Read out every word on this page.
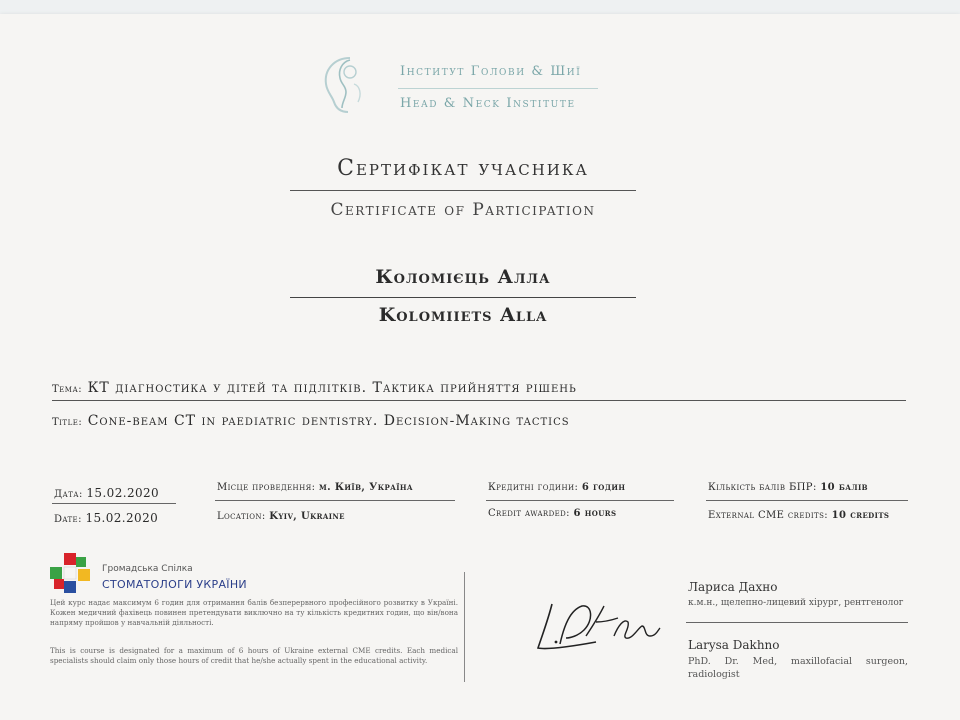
Інститут Голови & Шиї
Head & Neck Institute
Сертифікат учасника
Certificate of Participation
Коломієць Алла
Kolomiiets Alla
Тема: КТ діагностика у дітей та підлітків. Тактика прийняття рішень
Title: Cone-beam CT in paediatric dentistry. Decision-Making tactics
Дата: 15.02.2020
Date: 15.02.2020
Місце проведення: м. Київ, Україна
Location: Kyiv, Ukraine
Кредитні години: 6 годин
Credit awarded: 6 hours
Кількість балів БПР: 10 балів
External CME credits: 10 credits
Громадська Спілка
СТОМАТОЛОГИ УКРАЇНИ
Цей курс надає максимум 6 годин для отримання балів безперервного професійного розвитку в Україні. Кожен медичний фахівець повинен претендувати виключно на ту кількість кредитних годин, що він/вона напряму пройшов у навчальній діяльності.
This is course is designated for a maximum of 6 hours of Ukraine external CME credits. Each medical specialists should claim only those hours of credit that he/she actually spent in the educational activity.
Лариса Дахно
к.м.н., щелепно-лицевий хірург, рентгенолог
Larysa Dakhno
PhD. Dr. Med, maxillofacial surgeon, radiologist
